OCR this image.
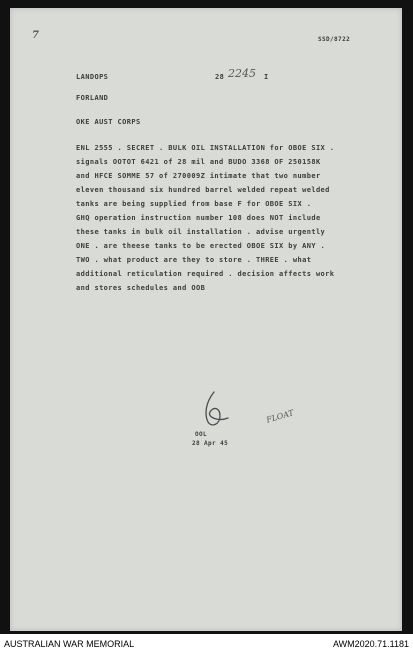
SSD/8722
7
LANDOPS	28 2245 I
FORLAND
OKE AUST CORPS
ENL 2555 . SECRET . BULK OIL INSTALLATION for OBOE SIX .
signals OOTOT 6421 of 28 mil and BUDO 3368 OF 250158K
and HFCE SOMME 57 of 270009Z intimate that two number
eleven thousand six hundred barrel welded repeat welded
tanks are being supplied from base F for OBOE SIX .
GHQ operation instruction number 108 does NOT include
these tanks in bulk oil installation . advise urgently
ONE . are theese tanks to be erected OBOE SIX by ANY .
TWO . what product are they to store . THREE . what
additional reticulation required . decision affects work
and stores schedules and OOB
OOL
28 Apr 45
FLOAT
AUSTRALIAN WAR MEMORIAL	AWM2020.71.1181
